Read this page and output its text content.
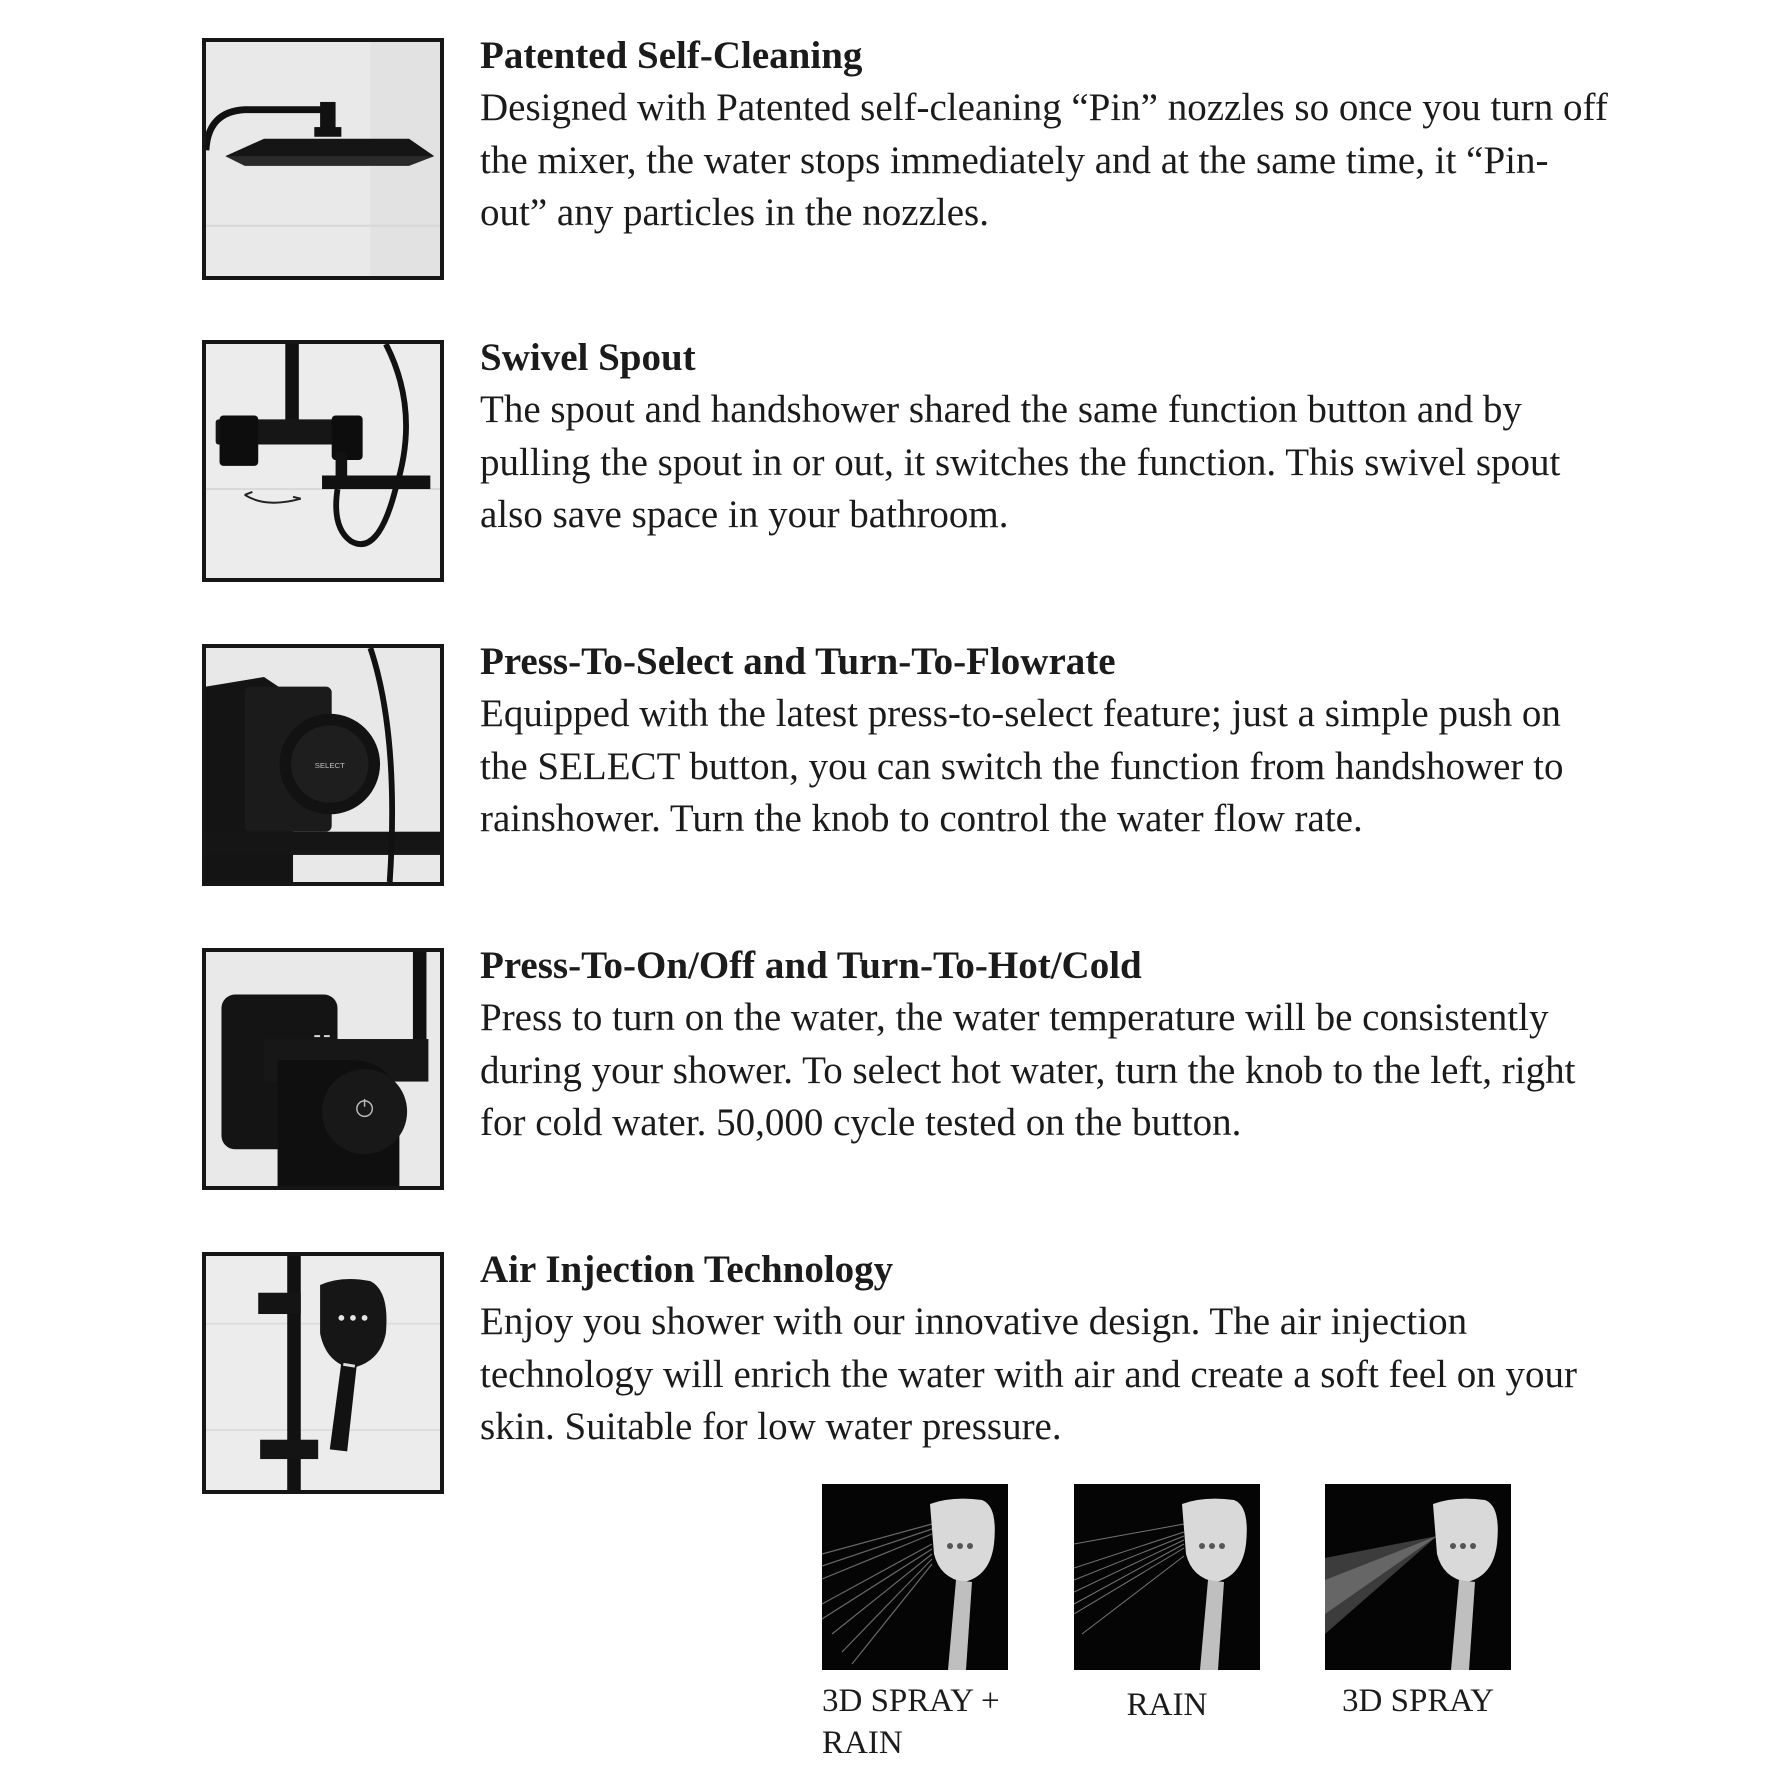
Patented Self-Cleaning

Designed with Patented self-cleaning “Pin” nozzles so once you turn off the mixer, the water stops immediately and at the same time, it “Pin-out” any particles in the nozzles.

Swivel Spout

The spout and handshower shared the same function button and by pulling the spout in or out, it switches the function. This swivel spout also save space in your bathroom.

SELECT

Press-To-Select and Turn-To-Flowrate

Equipped with the latest press-to-select feature; just a simple push on the SELECT button, you can switch the function from handshower to rainshower. Turn the knob to control the water flow rate.

Press-To-On/Off and Turn-To-Hot/Cold

Press to turn on the water, the water temperature will be consistently during your shower. To select hot water, turn the knob to the left, right for cold water. 50,000 cycle tested on the button.

Air Injection Technology

Enjoy you shower with our innovative design. The air injection technology will enrich the water with air and create a soft feel on your skin. Suitable for low water pressure.

3D SPRAY + RAIN
RAIN	3D SPRAY
